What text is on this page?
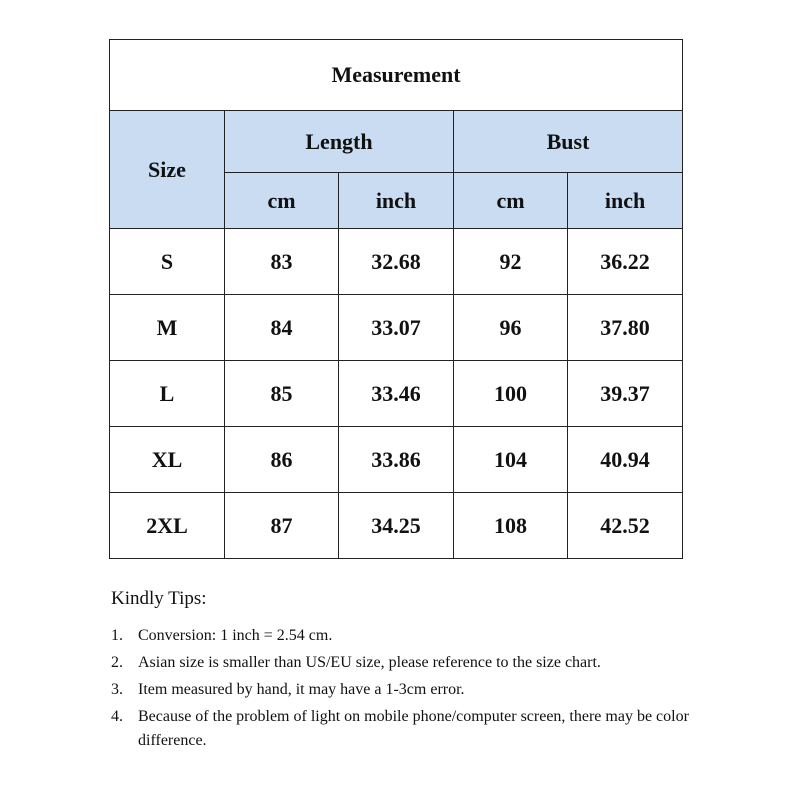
Measurement				
Size	Length		Bust	
	cm	inch	cm	inch
S	83	32.68	92	36.22
M	84	33.07	96	37.80
L	85	33.46	100	39.37
XL	86	33.86	104	40.94
2XL	87	34.25	108	42.52

Kindly Tips:

1. Conversion: 1 inch = 2.54 cm.
2. Asian size is smaller than US/EU size, please reference to the size chart.
3. Item measured by hand, it may have a 1-3cm error.
4. Because of the problem of light on mobile phone/computer screen, there may be color difference.
